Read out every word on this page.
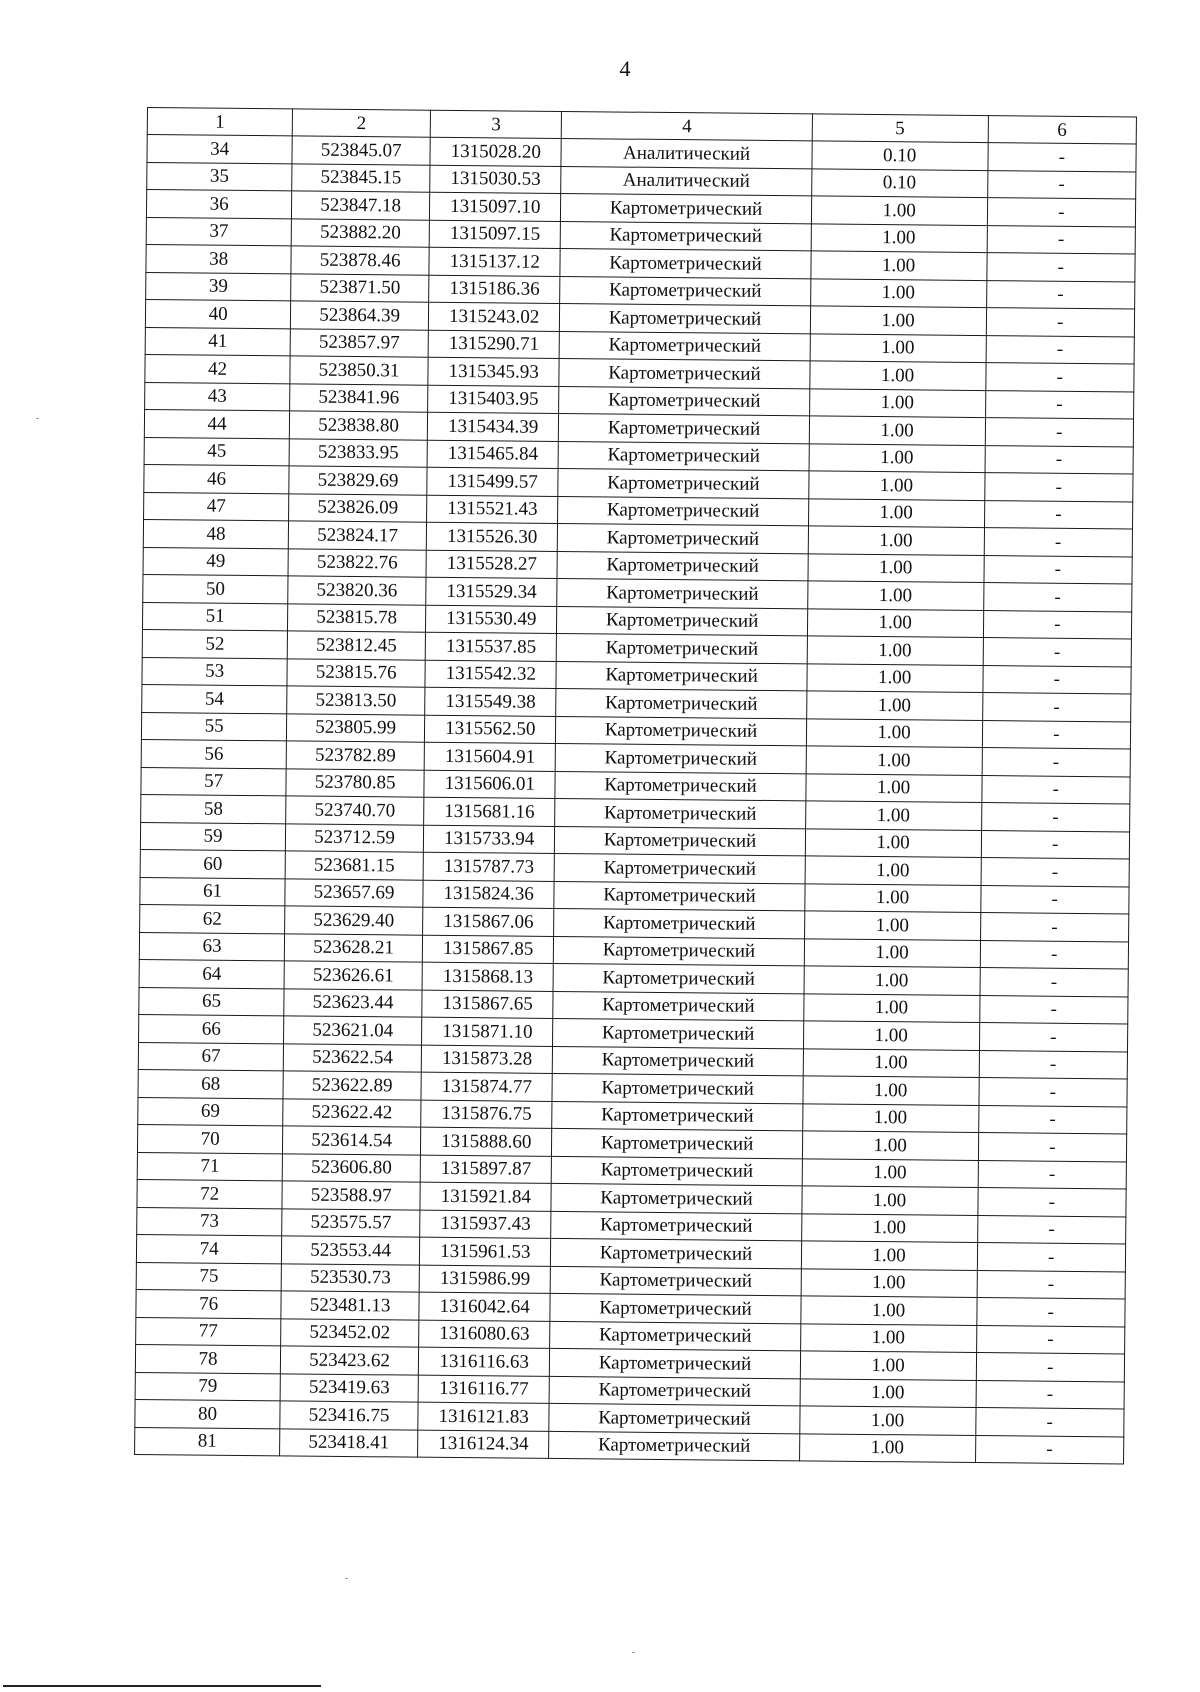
4
1	2	3	4	5	6
34	523845.07	1315028.20	Аналитический	0.10	-
35	523845.15	1315030.53	Аналитический	0.10	-
36	523847.18	1315097.10	Картометрический	1.00	-
37	523882.20	1315097.15	Картометрический	1.00	-
38	523878.46	1315137.12	Картометрический	1.00	-
39	523871.50	1315186.36	Картометрический	1.00	-
40	523864.39	1315243.02	Картометрический	1.00	-
41	523857.97	1315290.71	Картометрический	1.00	-
42	523850.31	1315345.93	Картометрический	1.00	-
43	523841.96	1315403.95	Картометрический	1.00	-
44	523838.80	1315434.39	Картометрический	1.00	-
45	523833.95	1315465.84	Картометрический	1.00	-
46	523829.69	1315499.57	Картометрический	1.00	-
47	523826.09	1315521.43	Картометрический	1.00	-
48	523824.17	1315526.30	Картометрический	1.00	-
49	523822.76	1315528.27	Картометрический	1.00	-
50	523820.36	1315529.34	Картометрический	1.00	-
51	523815.78	1315530.49	Картометрический	1.00	-
52	523812.45	1315537.85	Картометрический	1.00	-
53	523815.76	1315542.32	Картометрический	1.00	-
54	523813.50	1315549.38	Картометрический	1.00	-
55	523805.99	1315562.50	Картометрический	1.00	-
56	523782.89	1315604.91	Картометрический	1.00	-
57	523780.85	1315606.01	Картометрический	1.00	-
58	523740.70	1315681.16	Картометрический	1.00	-
59	523712.59	1315733.94	Картометрический	1.00	-
60	523681.15	1315787.73	Картометрический	1.00	-
61	523657.69	1315824.36	Картометрический	1.00	-
62	523629.40	1315867.06	Картометрический	1.00	-
63	523628.21	1315867.85	Картометрический	1.00	-
64	523626.61	1315868.13	Картометрический	1.00	-
65	523623.44	1315867.65	Картометрический	1.00	-
66	523621.04	1315871.10	Картометрический	1.00	-
67	523622.54	1315873.28	Картометрический	1.00	-
68	523622.89	1315874.77	Картометрический	1.00	-
69	523622.42	1315876.75	Картометрический	1.00	-
70	523614.54	1315888.60	Картометрический	1.00	-
71	523606.80	1315897.87	Картометрический	1.00	-
72	523588.97	1315921.84	Картометрический	1.00	-
73	523575.57	1315937.43	Картометрический	1.00	-
74	523553.44	1315961.53	Картометрический	1.00	-
75	523530.73	1315986.99	Картометрический	1.00	-
76	523481.13	1316042.64	Картометрический	1.00	-
77	523452.02	1316080.63	Картометрический	1.00	-
78	523423.62	1316116.63	Картометрический	1.00	-
79	523419.63	1316116.77	Картометрический	1.00	-
80	523416.75	1316121.83	Картометрический	1.00	-
81	523418.41	1316124.34	Картометрический	1.00	-
